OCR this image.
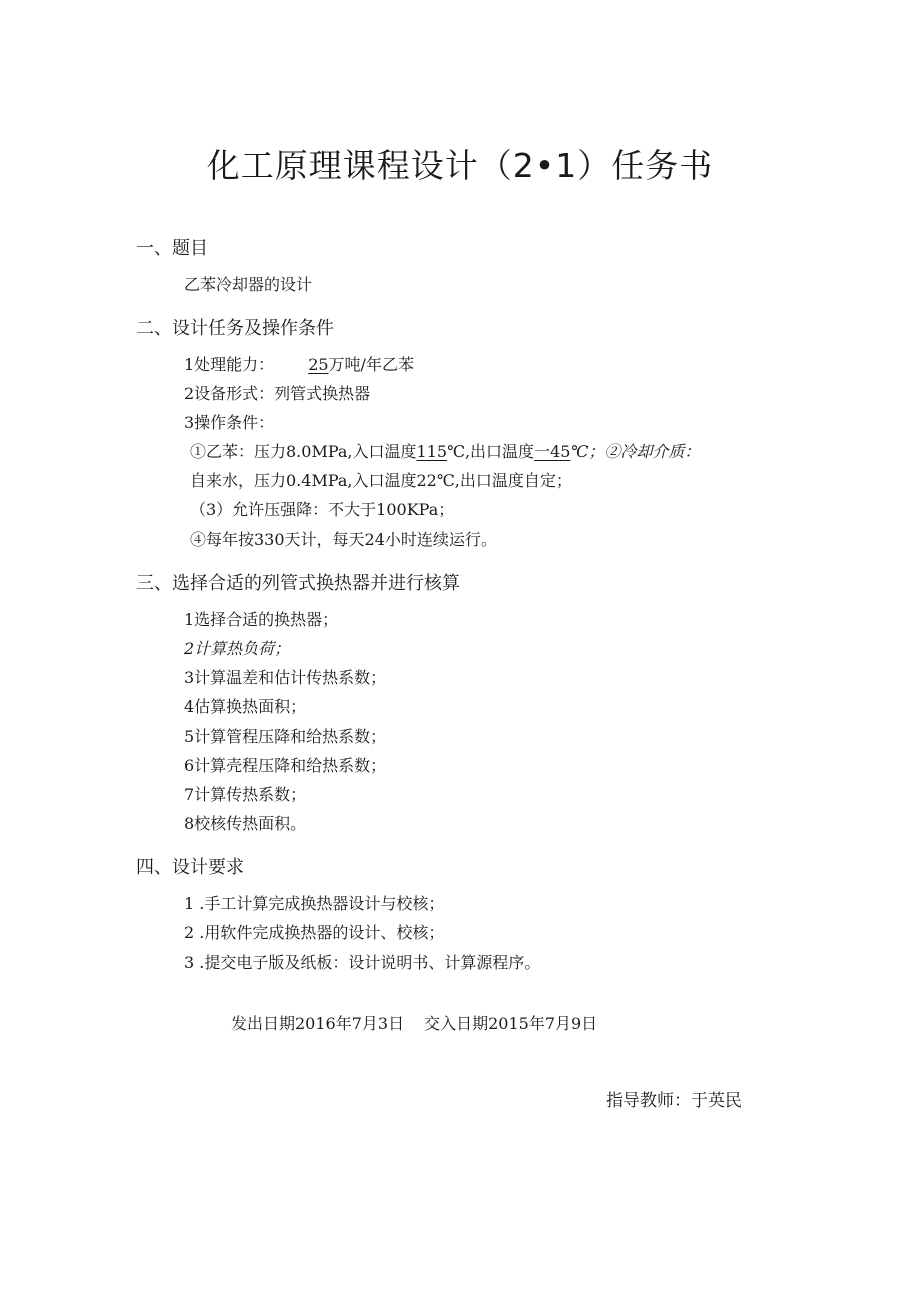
化工原理课程设计（2•1）任务书
一、题目
乙苯冷却器的设计
二、设计任务及操作条件
1处理能力： 25万吨/年乙苯
2设备形式：列管式换热器
3操作条件：
①乙苯：压力8.0MPa,入口温度115℃,出口温度一45℃；②冷却介质：
自来水，压力0.4MPa,入口温度22℃,出口温度自定；
（3）允许压强降：不大于100KPa；
④每年按330天计，每天24小时连续运行。
三、选择合适的列管式换热器并进行核算
1选择合适的换热器；
2计算热负荷；
3计算温差和估计传热系数；
4估算换热面积；
5计算管程压降和给热系数；
6计算壳程压降和给热系数；
7计算传热系数；
8校核传热面积。
四、设计要求
1 .手工计算完成换热器设计与校核；
2 .用软件完成换热器的设计、校核；
3 .提交电子版及纸板：设计说明书、计算源程序。
发出日期2016年7月3日 交入日期2015年7月9日
指导教师：于英民
